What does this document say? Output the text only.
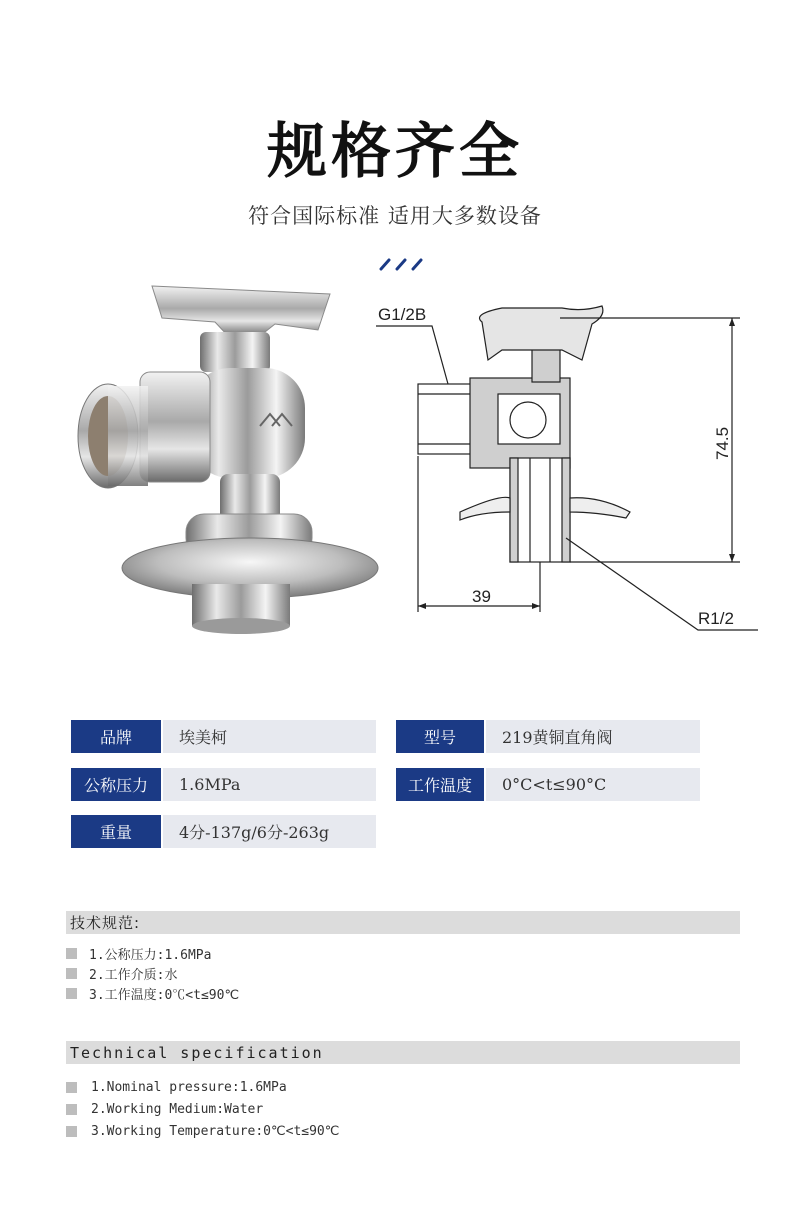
规格齐全
符合国际标准 适用大多数设备
G1/2B
74.5
39
R1/2
品牌	埃美柯	型号	219黄铜直角阀
公称压力	1.6MPa	工作温度	0°C<t≤90°C
重量	4分-137g/6分-263g
技术规范:
1.公称压力:1.6MPa
2.工作介质:水
3.工作温度:0℃<t≤90℃
Technical specification
1.Nominal pressure:1.6MPa
2.Working Medium:Water
3.Working Temperature:0℃<t≤90℃
